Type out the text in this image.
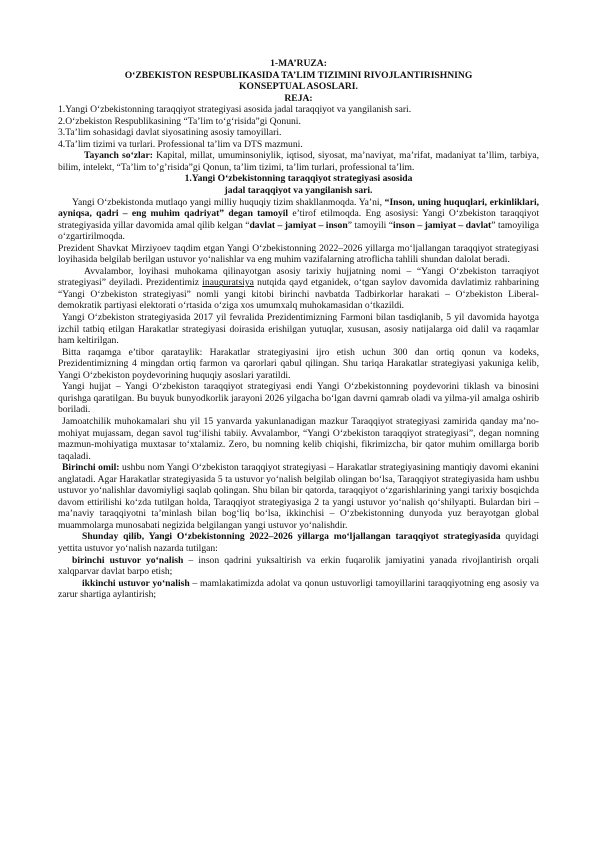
1-MA’RUZA:

O‘ZBEKISTON RESPUBLIKASIDA TA’LIM TIZIMINI RIVOJLANTIRISHNING

KONSEPTUAL ASOSLARI.

REJA:

1.Yangi O‘zbekistonning taraqqiyot strategiyasi asosida jadal taraqqiyot va yangilanish sari.

2.O‘zbekiston Respublikasining “Ta’lim to‘g‘risida”gi Qonuni.

3.Ta’lim sohasidagi davlat siyosatining asosiy tamoyillari.

4.Ta’lim tizimi va turlari. Professional ta’lim va DTS mazmuni.

Tayanch so‘zlar: Kapital, millat, umuminsoniylik, iqtisod, siyosat, ma’naviyat, ma’rifat, madaniyat ta’llim, tarbiya, bilim, intelekt, “Ta’lim to’g’risida”gi Qonun, ta’lim tizimi, ta’lim turlari, professional ta’lim.

1.Yangi O‘zbekistonning taraqqiyot strategiyasi asosida

jadal taraqqiyot va yangilanish sari.

Yangi O‘zbekistonda mutlaqo yangi milliy huquqiy tizim shakllanmoqda. Ya’ni, “Inson, uning huquqlari, erkinliklari, ayniqsa, qadri – eng muhim qadriyat” degan tamoyil e’tirof etilmoqda. Eng asosiysi: Yangi O‘zbekiston taraqqiyot strategiyasida yillar davomida amal qilib kelgan “davlat – jamiyat – inson” tamoyili “inson – jamiyat – davlat” tamoyiliga o‘zgartirilmoqda.

Prezident Shavkat Mirziyoev taqdim etgan Yangi O‘zbekistonning 2022–2026 yillarga mo‘ljallangan taraqqiyot strategiyasi loyihasida belgilab berilgan ustuvor yo‘nalishlar va eng muhim vazifalarning atroflicha tahlili shundan dalolat beradi.

Avvalambor, loyihasi muhokama qilinayotgan asosiy tarixiy hujjatning nomi – “Yangi O‘zbekiston tarraqiyot strategiyasi” deyiladi. Prezidentimiz inauguratsiya nutqida qayd etganidek, o‘tgan saylov davomida davlatimiz rahbarining “Yangi O‘zbekiston strategiyasi” nomli yangi kitobi birinchi navbatda Tadbirkorlar harakati – O‘zbekiston Liberal-demokratik partiyasi elektorati o‘rtasida o‘ziga xos umumxalq muhokamasidan o‘tkazildi.

Yangi O‘zbekiston strategiyasida 2017 yil fevralida Prezidentimizning Farmoni bilan tasdiqlanib, 5 yil davomida hayotga izchil tatbiq etilgan Harakatlar strategiyasi doirasida erishilgan yutuqlar, xususan, asosiy natijalarga oid dalil va raqamlar ham keltirilgan.

Bitta raqamga e’tibor qarataylik: Harakatlar strategiyasini ijro etish uchun 300 dan ortiq qonun va kodeks, Prezidentimizning 4 mingdan ortiq farmon va qarorlari qabul qilingan. Shu tariqa Harakatlar strategiyasi yakuniga kelib, Yangi O‘zbekiston poydevorining huquqiy asoslari yaratildi.

Yangi hujjat – Yangi O‘zbekiston taraqqiyot strategiyasi endi Yangi O‘zbekistonning poydevorini tiklash va binosini qurishga qaratilgan. Bu buyuk bunyodkorlik jarayoni 2026 yilgacha bo‘lgan davrni qamrab oladi va yilma-yil amalga oshirib boriladi.

Jamoatchilik muhokamalari shu yil 15 yanvarda yakunlanadigan mazkur Taraqqiyot strategiyasi zamirida qanday ma’no-mohiyat mujassam, degan savol tug‘ilishi tabiiy. Avvalambor, “Yangi O‘zbekiston taraqqiyot strategiyasi”, degan nomning mazmun-mohiyatiga muxtasar to‘xtalamiz. Zero, bu nomning kelib chiqishi, fikrimizcha, bir qator muhim omillarga borib taqaladi.

Birinchi omil: ushbu nom Yangi O‘zbekiston taraqqiyot strategiyasi – Harakatlar strategiyasining mantiqiy davomi ekanini anglatadi. Agar Harakatlar strategiyasida 5 ta ustuvor yo‘nalish belgilab olingan bo‘lsa, Taraqqiyot strategiyasida ham ushbu ustuvor yo‘nalishlar davomiyligi saqlab qolingan. Shu bilan bir qatorda, taraqqiyot o‘zgarishlarining yangi tarixiy bosqichda davom ettirilishi ko‘zda tutilgan holda, Taraqqiyot strategiyasiga 2 ta yangi ustuvor yo‘nalish qo‘shilyapti. Bulardan biri – ma’naviy taraqqiyotni ta’minlash bilan bog‘liq bo‘lsa, ikkinchisi – O‘zbekistonning dunyoda yuz berayotgan global muammolarga munosabati negizida belgilangan yangi ustuvor yo‘nalishdir.

Shunday qilib, Yangi O‘zbekistonning 2022–2026 yillarga mo‘ljallangan taraqqiyot strategiyasida quyidagi yettita ustuvor yo‘nalish nazarda tutilgan:

birinchi ustuvor yo‘nalish – inson qadrini yuksaltirish va erkin fuqarolik jamiyatini yanada rivojlantirish orqali xalqparvar davlat barpo etish;

ikkinchi ustuvor yo‘nalish – mamlakatimizda adolat va qonun ustuvorligi tamoyillarini taraqqiyotning eng asosiy va zarur shartiga aylantirish;
